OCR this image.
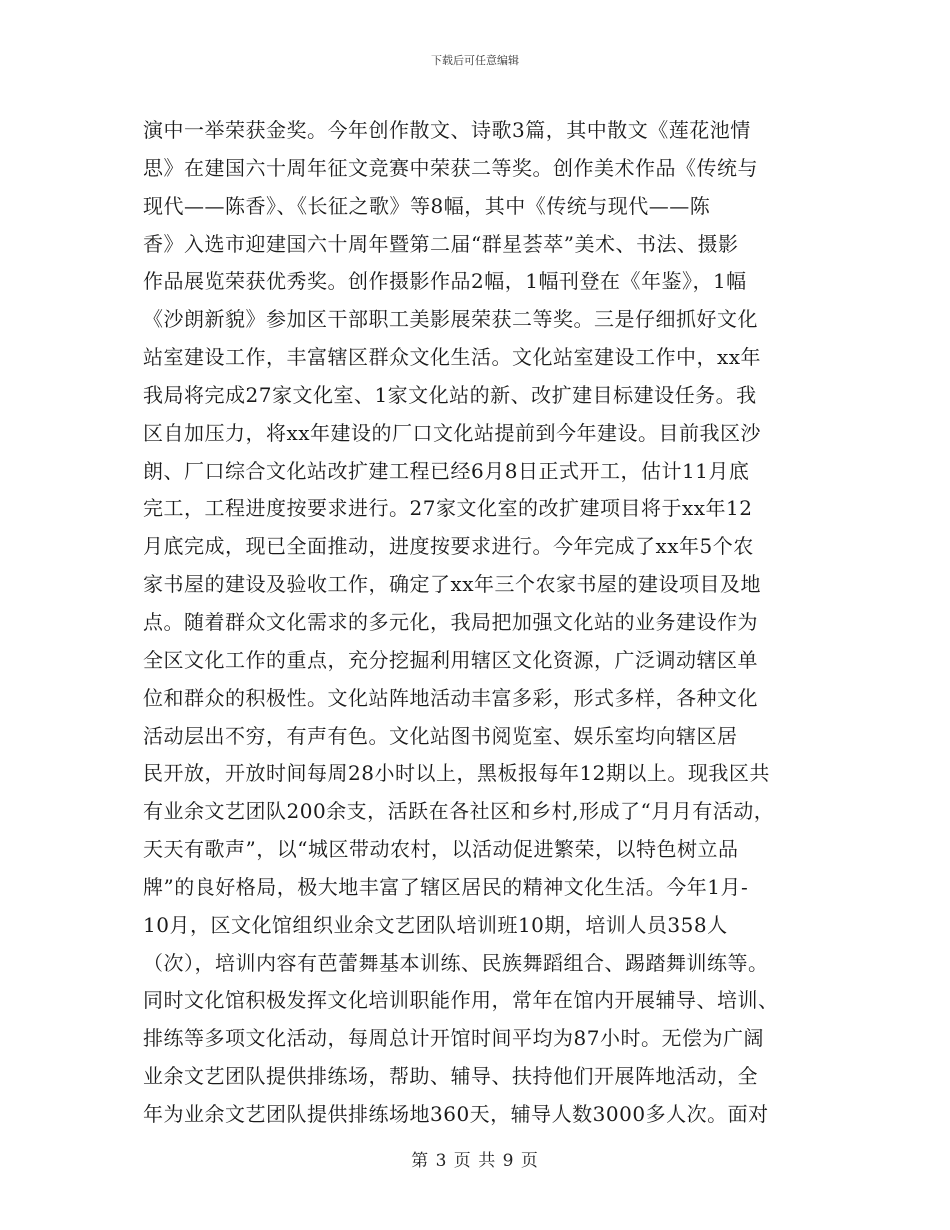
下载后可任意编辑
演中一举荣获金奖。今年创作散文、诗歌3篇，其中散文《莲花池情
思》在建国六十周年征文竞赛中荣获二等奖。创作美术作品《传统与
现代——陈香》、《长征之歌》等8幅，其中《传统与现代——陈
香》入选市迎建国六十周年暨第二届“群星荟萃”美术、书法、摄影
作品展览荣获优秀奖。创作摄影作品2幅，1幅刊登在《年鉴》，1幅
《沙朗新貌》参加区干部职工美影展荣获二等奖。三是仔细抓好文化
站室建设工作，丰富辖区群众文化生活。文化站室建设工作中，xx年
我局将完成27家文化室、1家文化站的新、改扩建目标建设任务。我
区自加压力，将xx年建设的厂口文化站提前到今年建设。目前我区沙
朗、厂口综合文化站改扩建工程已经6月8日正式开工，估计11月底
完工，工程进度按要求进行。27家文化室的改扩建项目将于xx年12
月底完成，现已全面推动，进度按要求进行。今年完成了xx年5个农
家书屋的建设及验收工作，确定了xx年三个农家书屋的建设项目及地
点。随着群众文化需求的多元化，我局把加强文化站的业务建设作为
全区文化工作的重点，充分挖掘利用辖区文化资源，广泛调动辖区单
位和群众的积极性。文化站阵地活动丰富多彩，形式多样，各种文化
活动层出不穷，有声有色。文化站图书阅览室、娱乐室均向辖区居
民开放，开放时间每周28小时以上，黑板报每年12期以上。现我区共
有业余文艺团队200余支，活跃在各社区和乡村,形成了“月月有活动，
天天有歌声”，以“城区带动农村，以活动促进繁荣，以特色树立品
牌”的良好格局，极大地丰富了辖区居民的精神文化生活。今年1月-
10月，区文化馆组织业余文艺团队培训班10期，培训人员358人
（次），培训内容有芭蕾舞基本训练、民族舞蹈组合、踢踏舞训练等。
同时文化馆积极发挥文化培训职能作用，常年在馆内开展辅导、培训、
排练等多项文化活动，每周总计开馆时间平均为87小时。无偿为广阔
业余文艺团队提供排练场，帮助、辅导、扶持他们开展阵地活动，全
年为业余文艺团队提供排练场地360天，辅导人数3000多人次。面对
第 3 页 共 9 页
